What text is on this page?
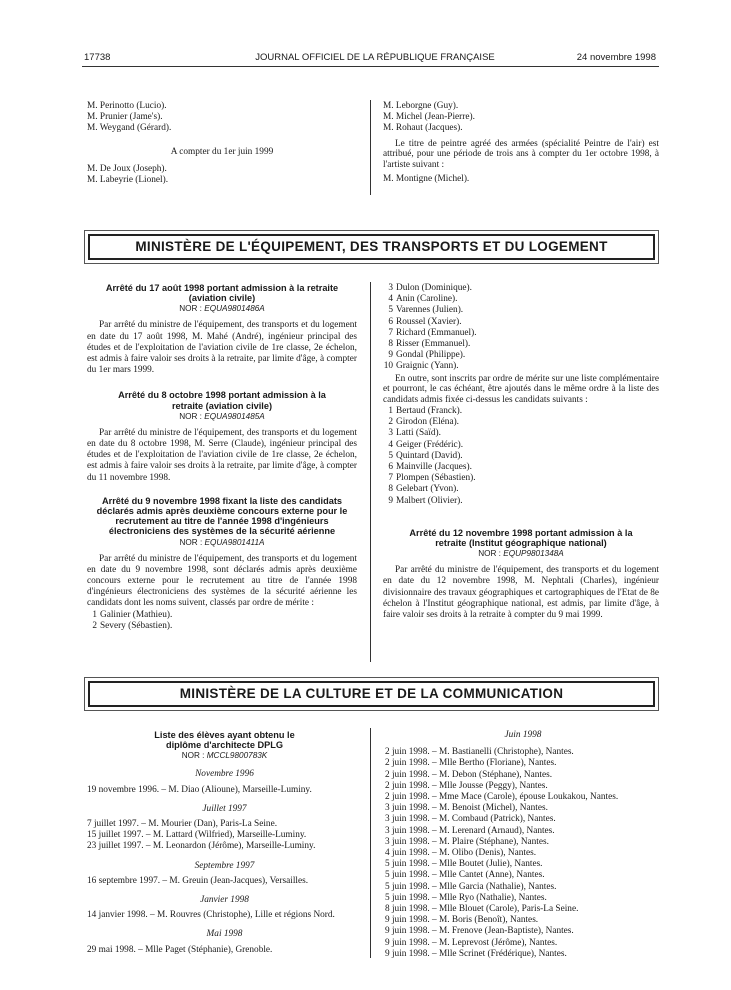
17738	JOURNAL OFFICIEL DE LA RÉPUBLIQUE FRANÇAISE	24 novembre 1998

M. Perinotto (Lucio).

M. Prunier (Jame's).

M. Weygand (Gérard).

A compter du 1er juin 1999

M. De Joux (Joseph).

M. Labeyrie (Lionel).

M. Leborgne (Guy).

M. Michel (Jean-Pierre).

M. Rohaut (Jacques).

Le titre de peintre agréé des armées (spécialité Peintre de l'air) est attribué, pour une période de trois ans à compter du 1er octobre 1998, à l'artiste suivant :

M. Montigne (Michel).

MINISTÈRE DE L'ÉQUIPEMENT, DES TRANSPORTS ET DU LOGEMENT
Arrêté du 17 août 1998 portant admission à la retraite (aviation civile)
NOR : EQUA9801486A

Par arrêté du ministre de l'équipement, des transports et du logement en date du 17 août 1998, M. Mahé (André), ingénieur principal des études et de l'exploitation de l'aviation civile de 1re classe, 2e échelon, est admis à faire valoir ses droits à la retraite, par limite d'âge, à compter du 1er mars 1999.

Arrêté du 8 octobre 1998 portant admission à la retraite (aviation civile)
NOR : EQUA9801485A

Par arrêté du ministre de l'équipement, des transports et du logement en date du 8 octobre 1998, M. Serre (Claude), ingénieur principal des études et de l'exploitation de l'aviation civile de 1re classe, 2e échelon, est admis à faire valoir ses droits à la retraite, par limite d'âge, à compter du 11 novembre 1998.

Arrêté du 9 novembre 1998 fixant la liste des candidats déclarés admis après deuxième concours externe pour le recrutement au titre de l'année 1998 d'ingénieurs électroniciens des systèmes de la sécurité aérienne
NOR : EQUA9801411A

Par arrêté du ministre de l'équipement, des transports et du logement en date du 9 novembre 1998, sont déclarés admis après deuxième concours externe pour le recrutement au titre de l'année 1998 d'ingénieurs électroniciens des systèmes de la sécurité aérienne les candidats dont les noms suivent, classés par ordre de mérite :

1 Galinier (Mathieu).
2 Severy (Sébastien).
3 Dulon (Dominique).
4 Anin (Caroline).
5 Varennes (Julien).
6 Roussel (Xavier).
7 Richard (Emmanuel).
8 Risser (Emmanuel).
9 Gondal (Philippe).
10 Graignic (Yann).

En outre, sont inscrits par ordre de mérite sur une liste complémentaire et pourront, le cas échéant, être ajoutés dans le même ordre à la liste des candidats admis fixée ci-dessus les candidats suivants :

1 Bertaud (Franck).
2 Girodon (Eléna).
3 Latti (Saïd).
4 Geiger (Frédéric).
5 Quintard (David).
6 Mainville (Jacques).
7 Plompen (Sébastien).
8 Gelebart (Yvon).
9 Malbert (Olivier).
Arrêté du 12 novembre 1998 portant admission à la retraite (Institut géographique national)
NOR : EQUP9801348A

Par arrêté du ministre de l'équipement, des transports et du logement en date du 12 novembre 1998, M. Nephtali (Charles), ingénieur divisionnaire des travaux géographiques et cartographiques de l'Etat de 8e échelon à l'Institut géographique national, est admis, par limite d'âge, à faire valoir ses droits à la retraite à compter du 9 mai 1999.

MINISTÈRE DE LA CULTURE ET DE LA COMMUNICATION
Liste des élèves ayant obtenu le diplôme d'architecte DPLG
NOR : MCCL9800783K

Novembre 1996

19 novembre 1996. – M. Diao (Alioune), Marseille-Luminy.

Juillet 1997

7 juillet 1997. – M. Mourier (Dan), Paris-La Seine.

15 juillet 1997. – M. Lattard (Wilfried), Marseille-Luminy.

23 juillet 1997. – M. Leonardon (Jérôme), Marseille-Luminy.

Septembre 1997

16 septembre 1997. – M. Greuin (Jean-Jacques), Versailles.

Janvier 1998

14 janvier 1998. – M. Rouvres (Christophe), Lille et régions Nord.

Mai 1998

29 mai 1998. – Mlle Paget (Stéphanie), Grenoble.

Juin 1998

2 juin 1998. – M. Bastianelli (Christophe), Nantes.

2 juin 1998. – Mlle Bertho (Floriane), Nantes.

2 juin 1998. – M. Debon (Stéphane), Nantes.

2 juin 1998. – Mlle Jousse (Peggy), Nantes.

2 juin 1998. – Mme Mace (Carole), épouse Loukakou, Nantes.

3 juin 1998. – M. Benoist (Michel), Nantes.

3 juin 1998. – M. Combaud (Patrick), Nantes.

3 juin 1998. – M. Lerenard (Arnaud), Nantes.

3 juin 1998. – M. Plaire (Stéphane), Nantes.

4 juin 1998. – M. Olibo (Denis), Nantes.

5 juin 1998. – Mlle Boutet (Julie), Nantes.

5 juin 1998. – Mlle Cantet (Anne), Nantes.

5 juin 1998. – Mlle Garcia (Nathalie), Nantes.

5 juin 1998. – Mlle Ryo (Nathalie), Nantes.

8 juin 1998. – Mlle Blouet (Carole), Paris-La Seine.

9 juin 1998. – M. Boris (Benoît), Nantes.

9 juin 1998. – M. Frenove (Jean-Baptiste), Nantes.

9 juin 1998. – M. Leprevost (Jérôme), Nantes.

9 juin 1998. – Mlle Scrinet (Frédérique), Nantes.
